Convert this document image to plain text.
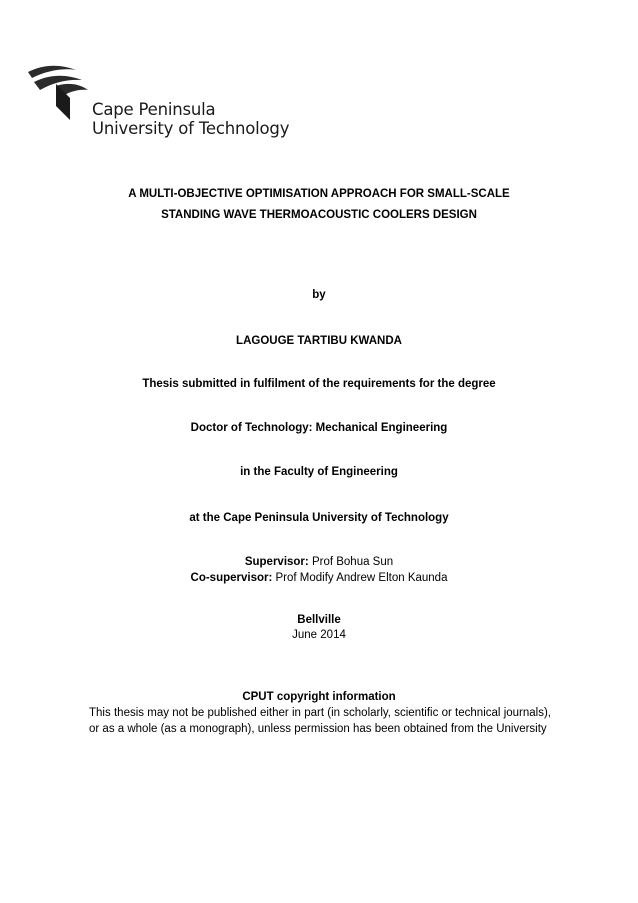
Cape Peninsula
University of Technology
A MULTI-OBJECTIVE OPTIMISATION APPROACH FOR SMALL-SCALE
STANDING WAVE THERMOACOUSTIC COOLERS DESIGN
by
LAGOUGE TARTIBU KWANDA
Thesis submitted in fulfilment of the requirements for the degree
Doctor of Technology: Mechanical Engineering
in the Faculty of Engineering
at the Cape Peninsula University of Technology
Supervisor: Prof Bohua Sun
Co-supervisor: Prof Modify Andrew Elton Kaunda
Bellville
June 2014
CPUT copyright information
This thesis may not be published either in part (in scholarly, scientific or technical journals),
or as a whole (as a monograph), unless permission has been obtained from the University
